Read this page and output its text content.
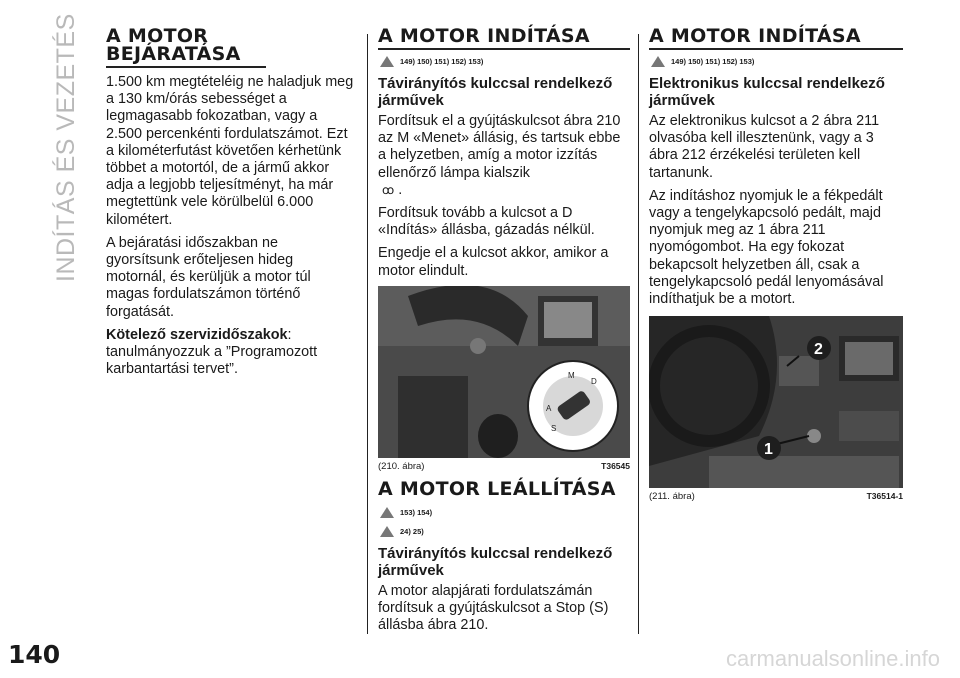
INDÍTÁS ÉS VEZETÉS
140
A MOTOR BEJÁRATÁSA

1.500 km megtételéig ne haladjuk meg a 130 km/órás sebességet a legmagasabb fokozatban, vagy a 2.500 percenkénti fordulatszámot. Ezt a kilométerfutást követően kérhetünk többet a motortól, de a jármű akkor adja a legjobb teljesítményt, ha már megtettünk vele körülbelül 6.000 kilométert.

A bejáratási időszakban ne gyorsítsunk erőteljesen hideg motornál, és kerüljük a motor túl magas fordulatszámon történő forgatását.

Kötelező szervizidőszakok: tanulmányozzuk a ”Programozott karbantartási tervet”.

A MOTOR INDÍTÁSA
149) 150) 151) 152) 153)
Távirányítós kulccsal rendelkező járművek

Fordítsuk el a gyújtáskulcsot ábra 210 az M «Menet» állásig, és tartsuk ebbe a helyzetben, amíg a motor izzítás ellenőrző lámpa kialszik
ꝏ .

Fordítsuk tovább a kulcsot a D «Indítás» állásba, gázadás nélkül.

Engedje el a kulcsot akkor, amikor a motor elindult.

A
M
D
S
(210. ábra)	T36545
A MOTOR LEÁLLÍTÁSA
153) 154)
24) 25)
Távirányítós kulccsal rendelkező járművek

A motor alapjárati fordulatszámán fordítsuk a gyújtáskulcsot a Stop (S) állásba ábra 210.

A MOTOR INDÍTÁSA
149) 150) 151) 152) 153)
Elektronikus kulccsal rendelkező járművek

Az elektronikus kulcsot a 2 ábra 211 olvasóba kell illesztenünk, vagy a 3 ábra 212 érzékelési területen kell tartanunk.

Az indításhoz nyomjuk le a fékpedált vagy a tengelykapcsoló pedált, majd nyomjuk meg az 1 ábra 211 nyomógombot. Ha egy fokozat bekapcsolt helyzetben áll, csak a tengelykapcsoló pedál lenyomásával indíthatjuk be a motort.

1
2
(211. ábra)	T36514-1
carmanualsonline.info
